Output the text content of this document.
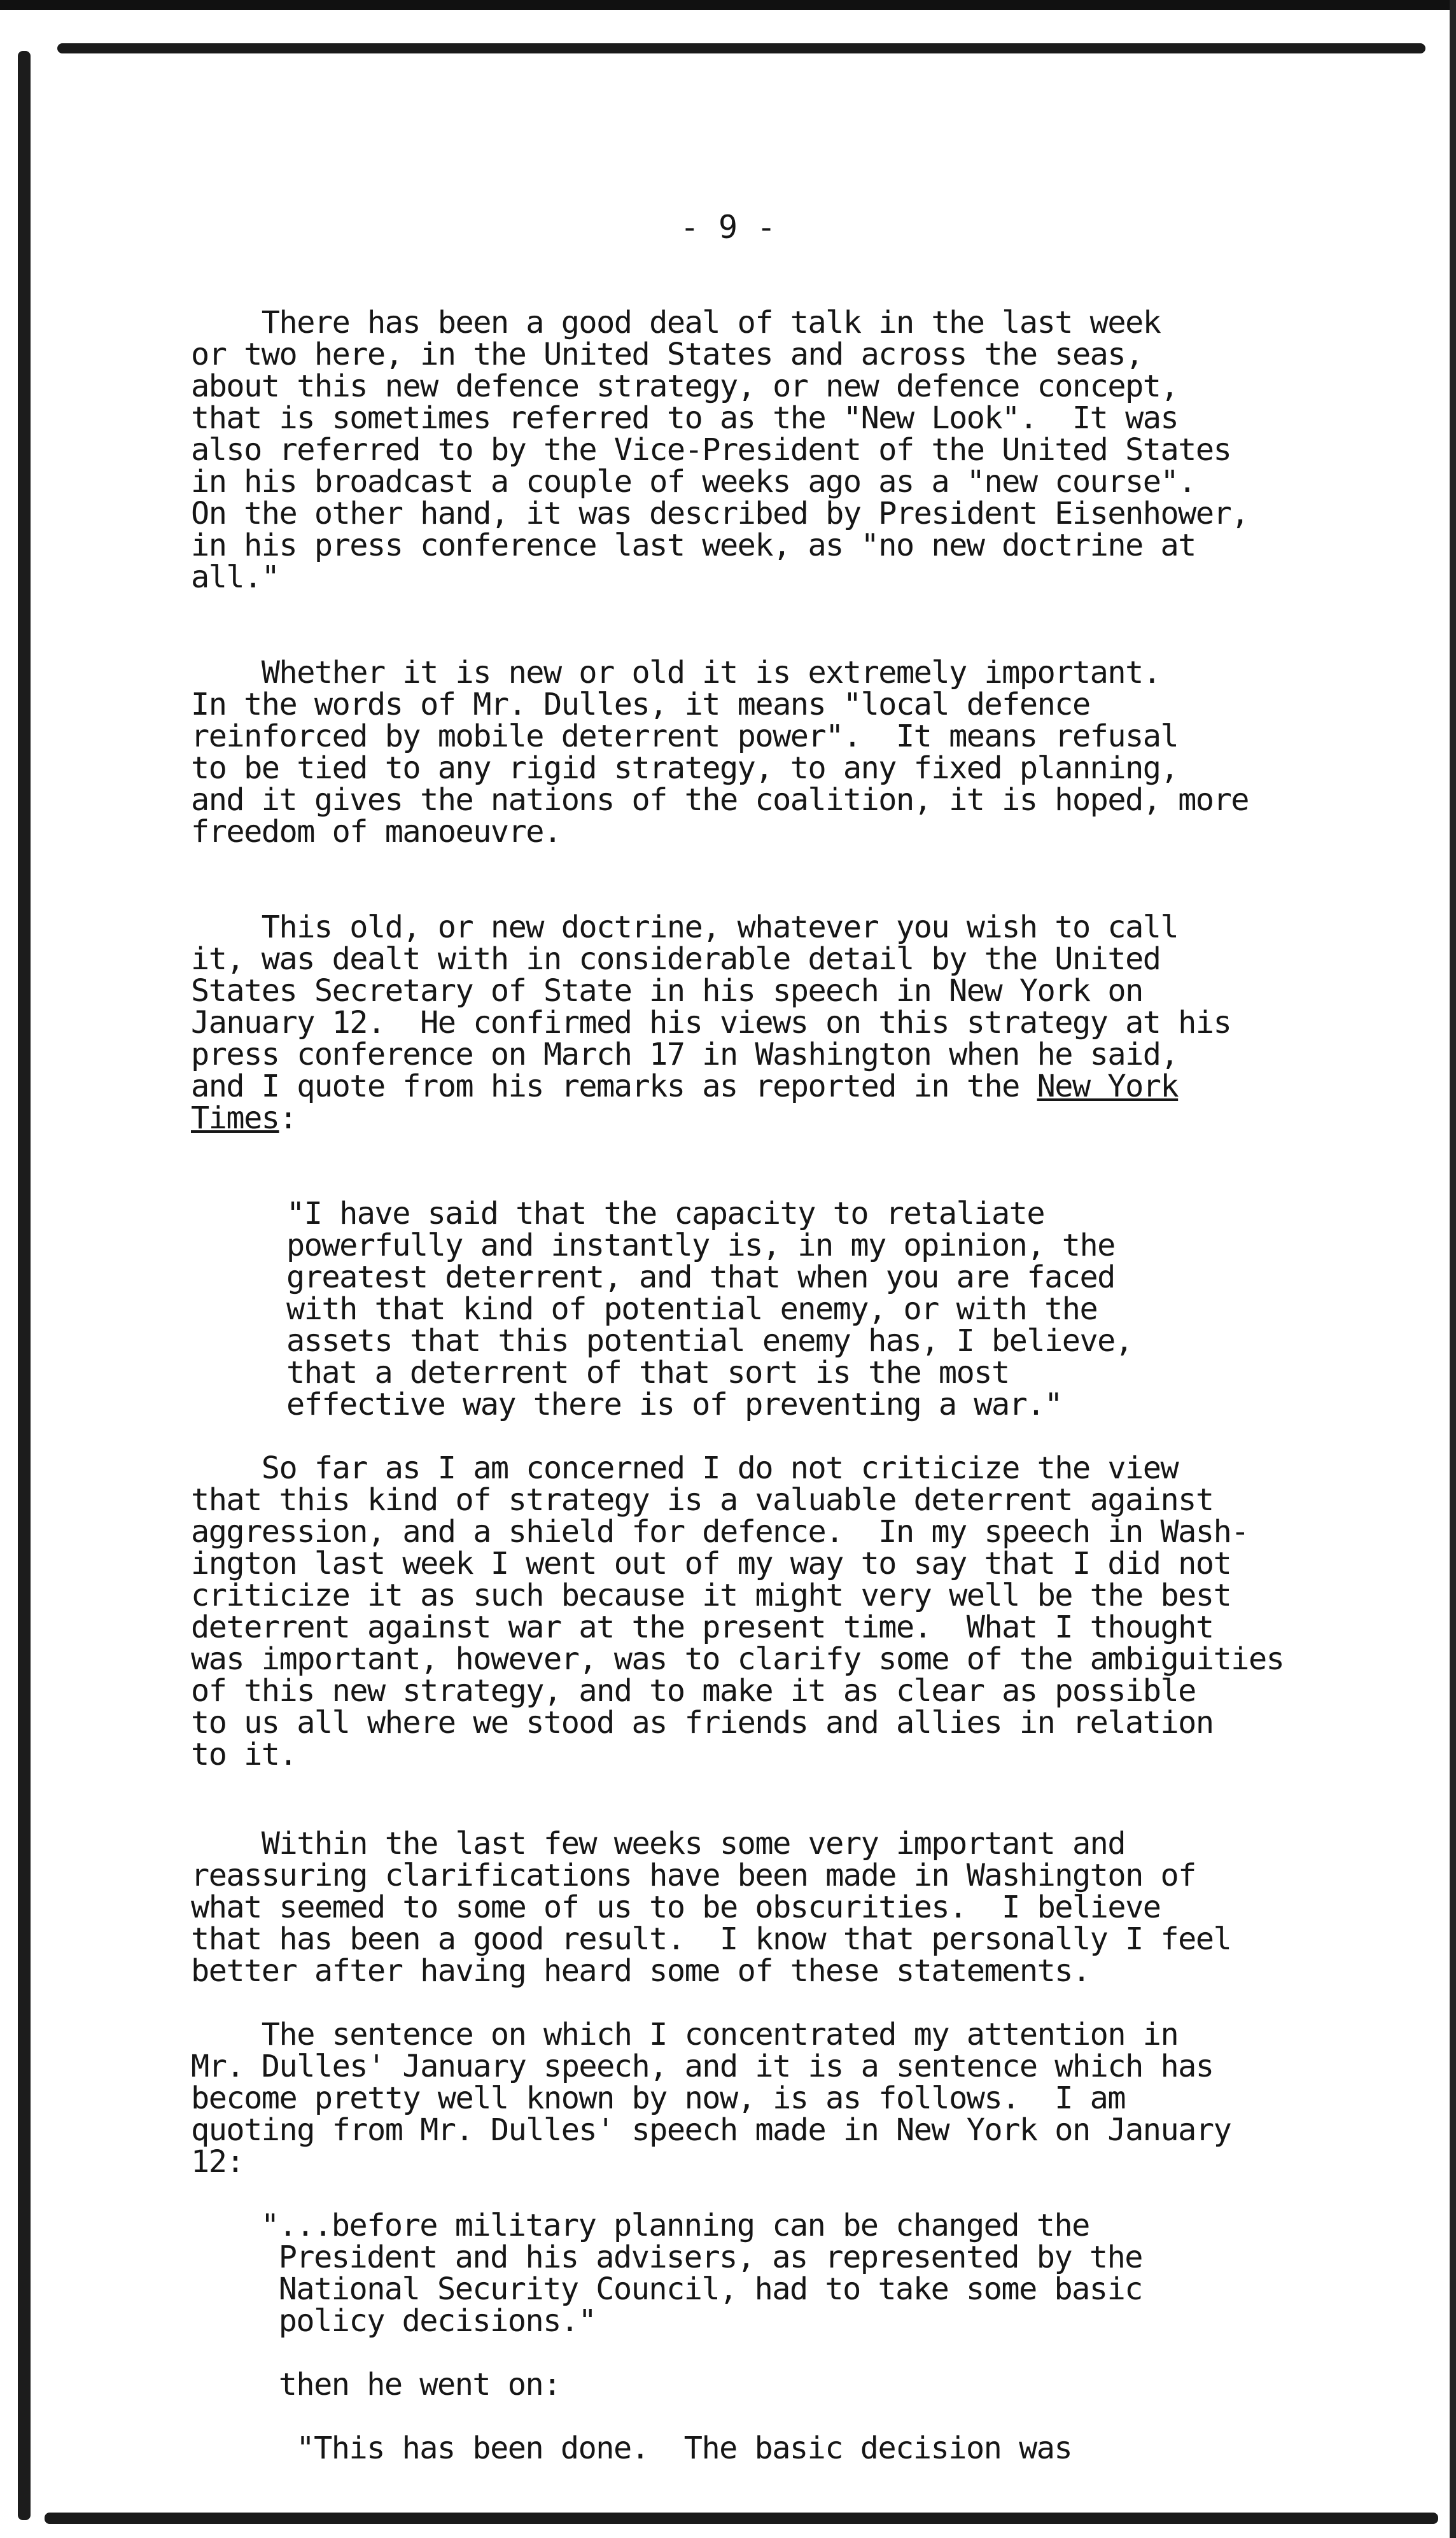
- 9 -
There has been a good deal of talk in the last week
or two here, in the United States and across the seas,
about this new defence strategy, or new defence concept,
that is sometimes referred to as the "New Look".  It was
also referred to by the Vice-President of the United States
in his broadcast a couple of weeks ago as a "new course".
On the other hand, it was described by President Eisenhower,
in his press conference last week, as "no new doctrine at
all."
Whether it is new or old it is extremely important.
In the words of Mr. Dulles, it means "local defence
reinforced by mobile deterrent power".  It means refusal
to be tied to any rigid strategy, to any fixed planning,
and it gives the nations of the coalition, it is hoped, more
freedom of manoeuvre.
This old, or new doctrine, whatever you wish to call
it, was dealt with in considerable detail by the United
States Secretary of State in his speech in New York on
January 12.  He confirmed his views on this strategy at his
press conference on March 17 in Washington when he said,
and I quote from his remarks as reported in the New York
Times:
"I have said that the capacity to retaliate
powerfully and instantly is, in my opinion, the
greatest deterrent, and that when you are faced
with that kind of potential enemy, or with the
assets that this potential enemy has, I believe,
that a deterrent of that sort is the most
effective way there is of preventing a war."
So far as I am concerned I do not criticize the view
that this kind of strategy is a valuable deterrent against
aggression, and a shield for defence.  In my speech in Wash-
ington last week I went out of my way to say that I did not
criticize it as such because it might very well be the best
deterrent against war at the present time.  What I thought
was important, however, was to clarify some of the ambiguities
of this new strategy, and to make it as clear as possible
to us all where we stood as friends and allies in relation
to it.
Within the last few weeks some very important and
reassuring clarifications have been made in Washington of
what seemed to some of us to be obscurities.  I believe
that has been a good result.  I know that personally I feel
better after having heard some of these statements.
The sentence on which I concentrated my attention in
Mr. Dulles' January speech, and it is a sentence which has
become pretty well known by now, is as follows.  I am
quoting from Mr. Dulles' speech made in New York on January
12:
"...before military planning can be changed the
President and his advisers, as represented by the
National Security Council, had to take some basic
policy decisions."
then he went on:
"This has been done.  The basic decision was
